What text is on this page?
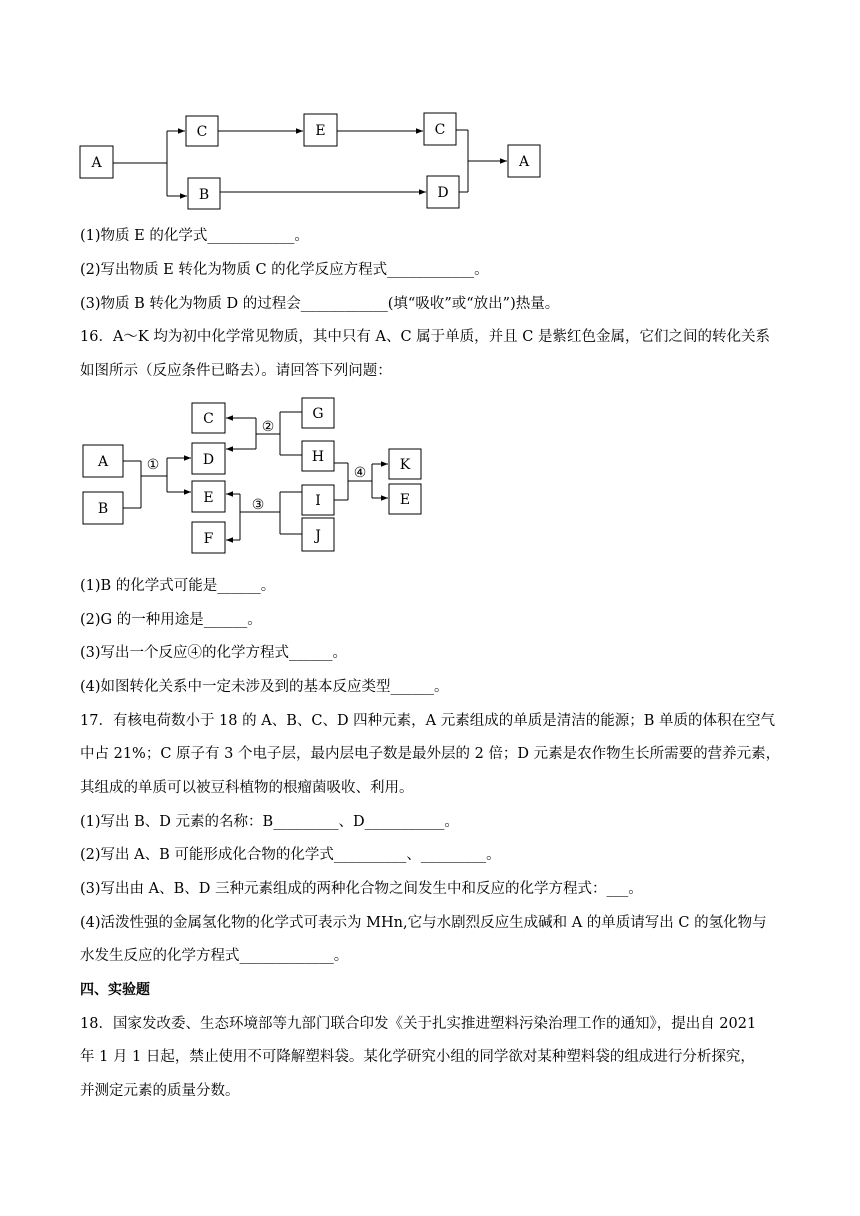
A
C	E	C
B	D
A
A
B
C
D
E
F
G
H
I
J
K
E
①
②
③
④
(1)物质 E 的化学式____________。
(2)写出物质 E 转化为物质 C 的化学反应方程式____________。
(3)物质 B 转化为物质 D 的过程会____________(填“吸收”或“放出”)热量。
16．A～K 均为初中化学常见物质，其中只有 A、C 属于单质，并且 C 是紫红色金属，它们之间的转化关系
如图所示（反应条件已略去）。请回答下列问题：
(1)B 的化学式可能是______。
(2)G 的一种用途是______。
(3)写出一个反应④的化学方程式______。
(4)如图转化关系中一定未涉及到的基本反应类型______。
17．有核电荷数小于 18 的 A、B、C、D 四种元素，A 元素组成的单质是清洁的能源；B 单质的体积在空气
中占 21%；C 原子有 3 个电子层，最内层电子数是最外层的 2 倍；D 元素是农作物生长所需要的营养元素，
其组成的单质可以被豆科植物的根瘤菌吸收、利用。
(1)写出 B、D 元素的名称：B_________、D___________。
(2)写出 A、B 可能形成化合物的化学式__________、_________。
(3)写出由 A、B、D 三种元素组成的两种化合物之间发生中和反应的化学方程式：___。
(4)活泼性强的金属氢化物的化学式可表示为 MHn,它与水剧烈反应生成碱和 A 的单质请写出 C 的氢化物与
水发生反应的化学方程式_____________。
四、实验题
18．国家发改委、生态环境部等九部门联合印发《关于扎实推进塑料污染治理工作的通知》，提出自 2021
年 1 月 1 日起，禁止使用不可降解塑料袋。某化学研究小组的同学欲对某种塑料袋的组成进行分析探究，
并测定元素的质量分数。
